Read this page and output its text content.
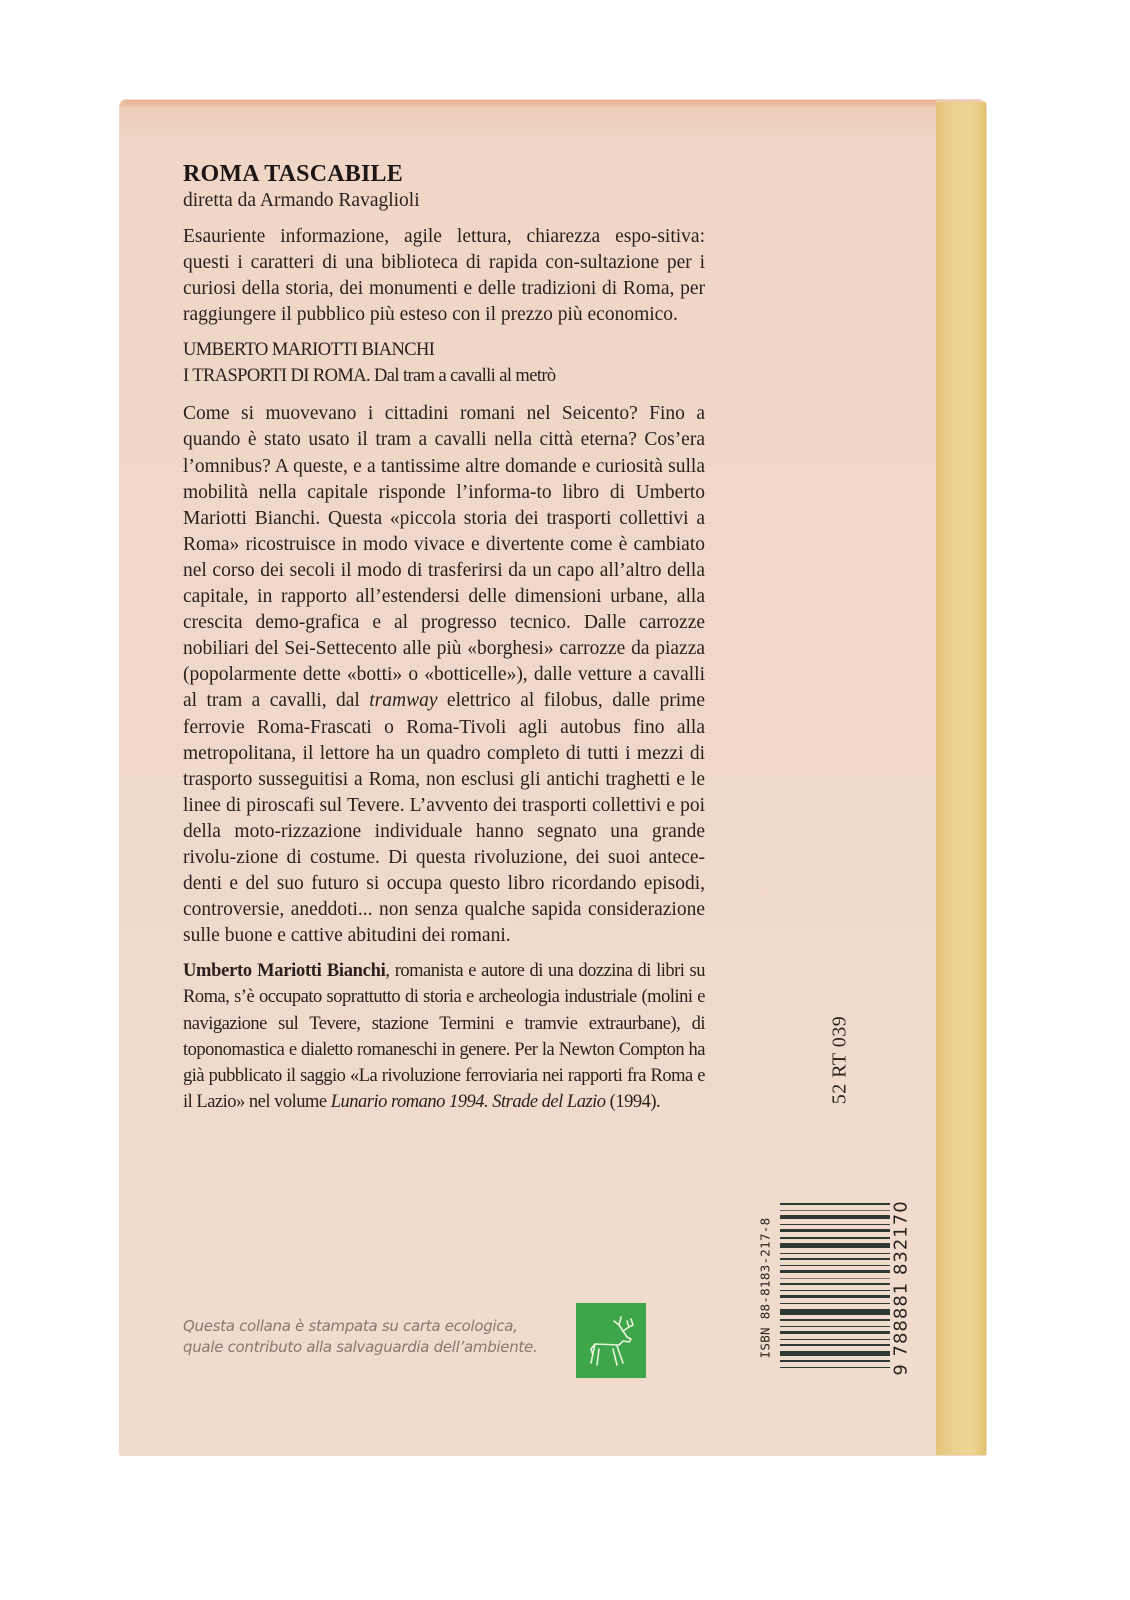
ROMA TASCABILE
diretta da Armando Ravaglioli

Esauriente informazione, agile lettura, chiarezza espo-sitiva: questi i caratteri di una biblioteca di rapida con-sultazione per i curiosi della storia, dei monumenti e delle tradizioni di Roma, per raggiungere il pubblico più esteso con il prezzo più economico.

UMBERTO MARIOTTI BIANCHI
I TRASPORTI DI ROMA. Dal tram a cavalli al metrò

Come si muovevano i cittadini romani nel Seicento? Fino a quando è stato usato il tram a cavalli nella città eterna? Cos’era l’omnibus? A queste, e a tantissime altre domande e curiosità sulla mobilità nella capitale risponde l’informa-to libro di Umberto Mariotti Bianchi. Questa «piccola storia dei trasporti collettivi a Roma» ricostruisce in modo vivace e divertente come è cambiato nel corso dei secoli il modo di trasferirsi da un capo all’altro della capitale, in rapporto all’estendersi delle dimensioni urbane, alla crescita demo-grafica e al progresso tecnico. Dalle carrozze nobiliari del Sei-Settecento alle più «borghesi» carrozze da piazza (popolarmente dette «botti» o «botticelle»), dalle vetture a cavalli al tram a cavalli, dal tramway elettrico al filobus, dalle prime ferrovie Roma-Frascati o Roma-Tivoli agli autobus fino alla metropolitana, il lettore ha un quadro completo di tutti i mezzi di trasporto susseguitisi a Roma, non esclusi gli antichi traghetti e le linee di piroscafi sul Tevere. L’avvento dei trasporti collettivi e poi della moto-rizzazione individuale hanno segnato una grande rivolu-zione di costume. Di questa rivoluzione, dei suoi antece-denti e del suo futuro si occupa questo libro ricordando episodi, controversie, aneddoti... non senza qualche sapida considerazione sulle buone e cattive abitudini dei romani.

Umberto Mariotti Bianchi, romanista e autore di una dozzina di libri su Roma, s’è occupato soprattutto di storia e archeologia industriale (molini e navigazione sul Tevere, stazione Termini e tramvie extraurbane), di toponomastica e dialetto romaneschi in genere. Per la Newton Compton ha già pubblicato il saggio «La rivoluzione ferroviaria nei rapporti fra Roma e il Lazio» nel volume Lunario romano 1994. Strade del Lazio (1994).

Questa collana è stampata su carta ecologica,
quale contributo alla salvaguardia dell’ambiente.
52 RT 039
ISBN 88-8183-217-8	9 788881 832170
